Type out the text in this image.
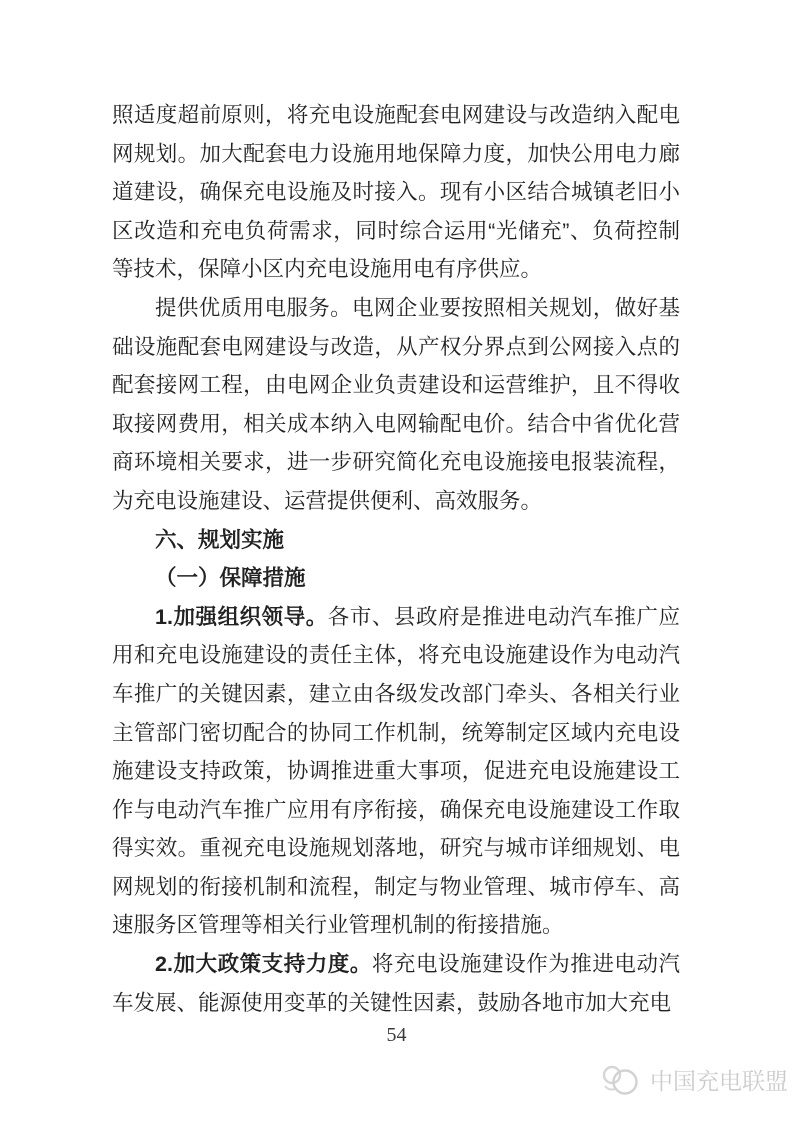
照适度超前原则，将充电设施配套电网建设与改造纳入配电网规划。加大配套电力设施用地保障力度，加快公用电力廊道建设，确保充电设施及时接入。现有小区结合城镇老旧小区改造和充电负荷需求，同时综合运用“光储充”、负荷控制等技术，保障小区内充电设施用电有序供应。

提供优质用电服务。电网企业要按照相关规划，做好基础设施配套电网建设与改造，从产权分界点到公网接入点的配套接网工程，由电网企业负责建设和运营维护，且不得收取接网费用，相关成本纳入电网输配电价。结合中省优化营商环境相关要求，进一步研究简化充电设施接电报装流程，为充电设施建设、运营提供便利、高效服务。

六、规划实施

（一）保障措施

1.加强组织领导。各市、县政府是推进电动汽车推广应用和充电设施建设的责任主体，将充电设施建设作为电动汽车推广的关键因素，建立由各级发改部门牵头、各相关行业主管部门密切配合的协同工作机制，统筹制定区域内充电设施建设支持政策，协调推进重大事项，促进充电设施建设工作与电动汽车推广应用有序衔接，确保充电设施建设工作取得实效。重视充电设施规划落地，研究与城市详细规划、电网规划的衔接机制和流程，制定与物业管理、城市停车、高速服务区管理等相关行业管理机制的衔接措施。

2.加大政策支持力度。将充电设施建设作为推进电动汽车发展、能源使用变革的关键性因素，鼓励各地市加大充电

54
中国充电联盟
